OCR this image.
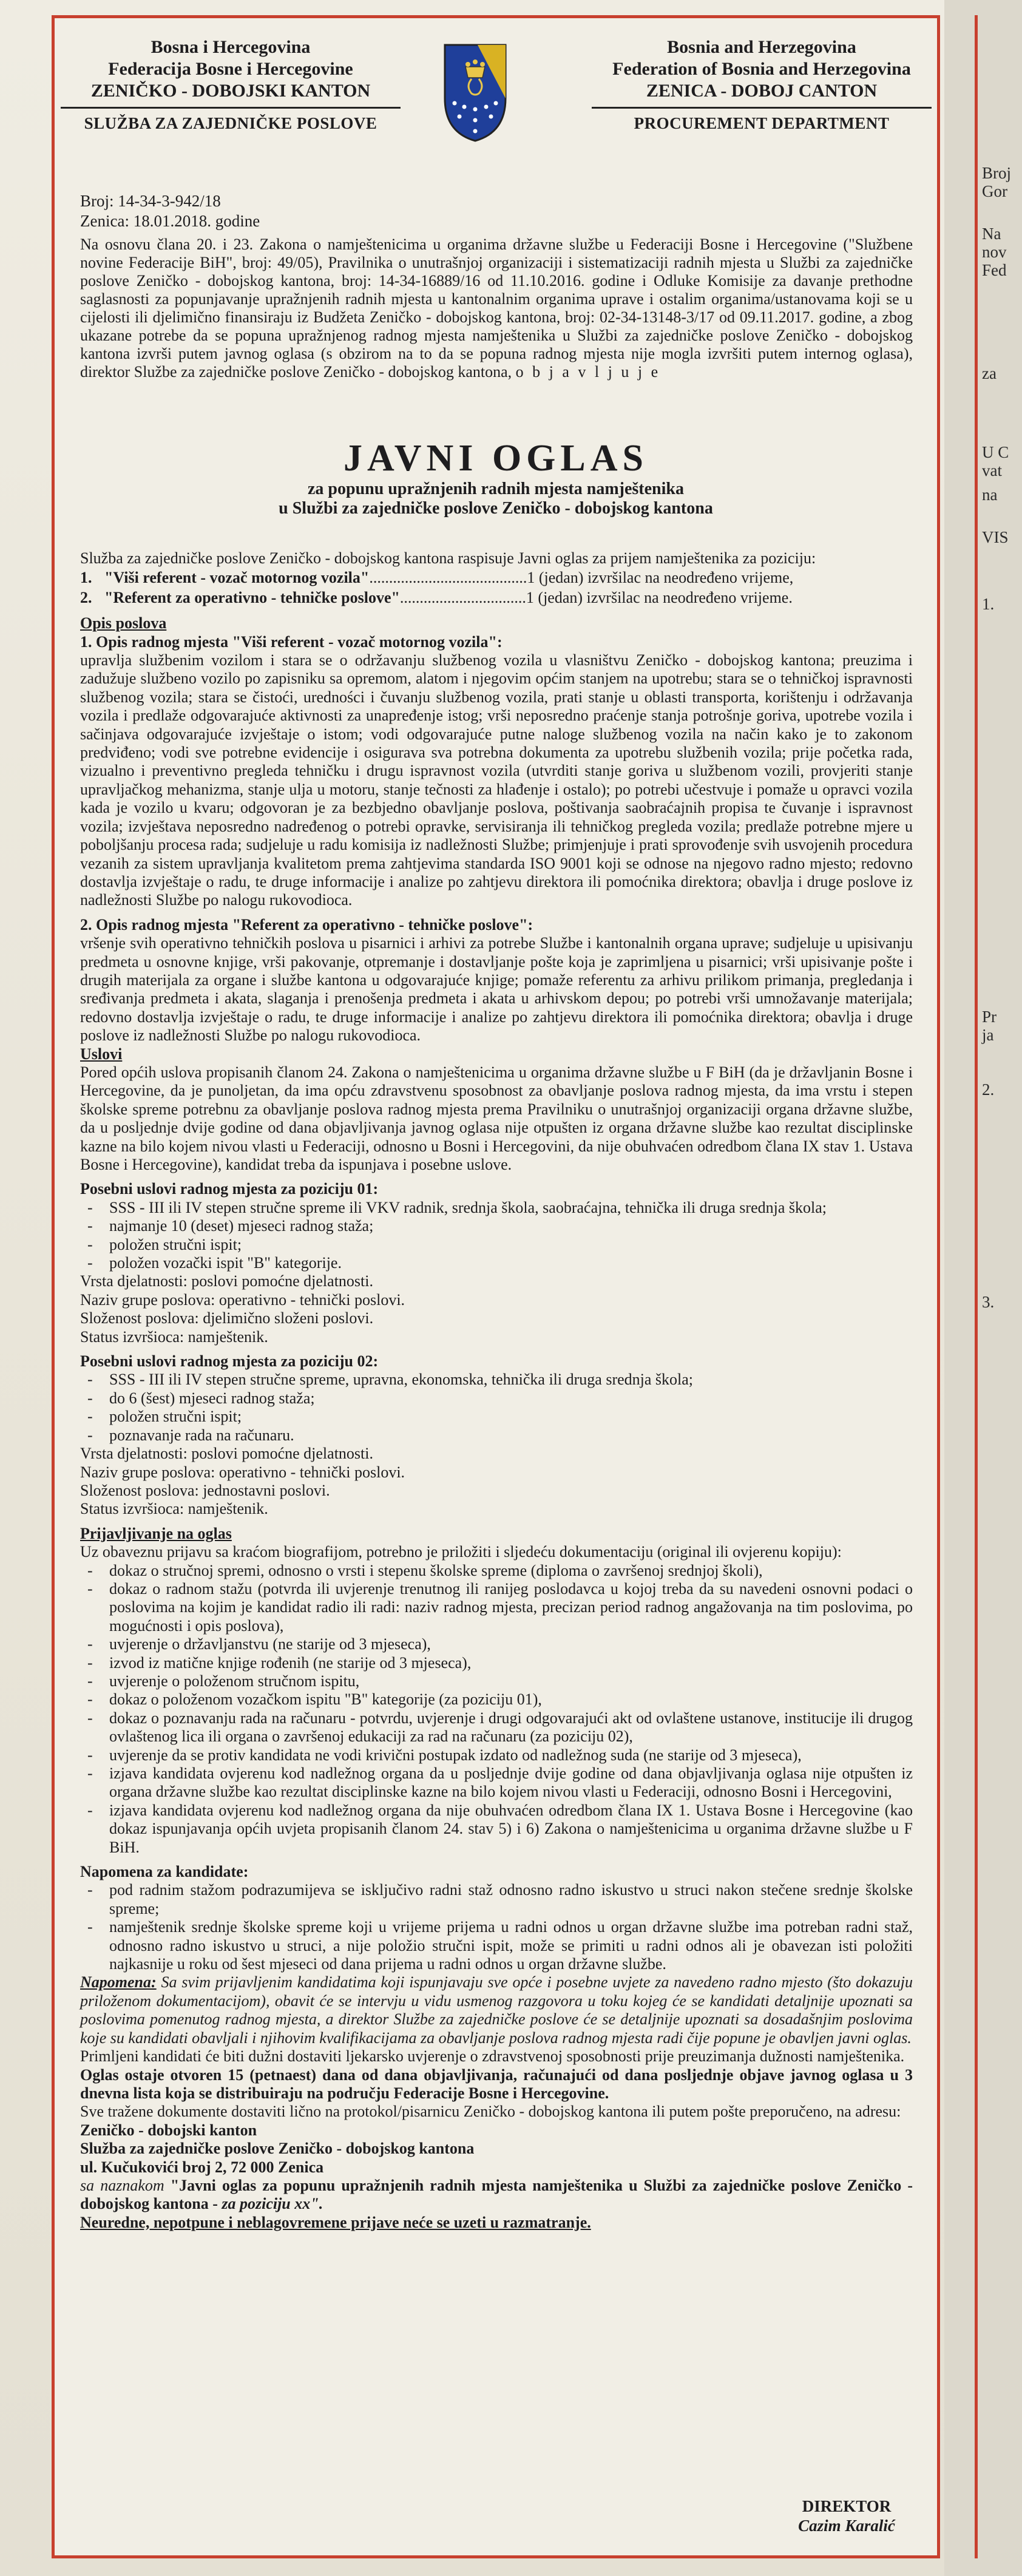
Bosna i Hercegovina
Federacija Bosne i Hercegovine
ZENIČKO - DOBOJSKI KANTON
SLUŽBA ZA ZAJEDNIČKE POSLOVE
Bosnia and Herzegovina
Federation of Bosnia and Herzegovina
ZENICA - DOBOJ CANTON
PROCUREMENT DEPARTMENT
Broj: 14-34-3-942/18
Zenica: 18.01.2018. godine
Na osnovu člana 20. i 23. Zakona o namještenicima u organima državne službe u Federaciji Bosne i Hercegovine ("Službene novine Federacije BiH", broj: 49/05), Pravilnika o unutrašnjoj organizaciji i sistematizaciji radnih mjesta u Službi za zajedničke poslove Zeničko - dobojskog kantona, broj: 14-34-16889/16 od 11.10.2016. godine i Odluke Komisije za davanje prethodne saglasnosti za popunjavanje upražnjenih radnih mjesta u kantonalnim organima uprave i ostalim organima/ustanovama koji se u cijelosti ili djelimično finansiraju iz Budžeta Zeničko - dobojskog kantona, broj: 02-34-13148-3/17 od 09.11.2017. godine, a zbog ukazane potrebe da se popuna upražnjenog radnog mjesta namještenika u Službi za zajedničke poslove Zeničko - dobojskog kantona izvrši putem javnog oglasa (s obzirom na to da se popuna radnog mjesta nije mogla izvršiti putem internog oglasa), direktor Službe za zajedničke poslove Zeničko - dobojskog kantona, o b j a v l j u j e
JAVNI OGLAS
za popunu upražnjenih radnih mjesta namještenika
u Službi za zajedničke poslove Zeničko - dobojskog kantona

Služba za zajedničke poslove Zeničko - dobojskog kantona raspisuje Javni oglas za prijem namještenika za poziciju:

1. "Viši referent - vozač motornog vozila"........................................1 (jedan) izvršilac na neodređeno vrijeme,
2. "Referent za operativno - tehničke poslove"................................1 (jedan) izvršilac na neodređeno vrijeme.

Opis poslova

1. Opis radnog mjesta "Viši referent - vozač motornog vozila":

upravlja službenim vozilom i stara se o održavanju službenog vozila u vlasništvu Zeničko - dobojskog kantona; preuzima i zadužuje službeno vozilo po zapisniku sa opremom, alatom i njegovim općim stanjem na upotrebu; stara se o tehničkoj ispravnosti službenog vozila; stara se čistoći, uredności i čuvanju službenog vozila, prati stanje u oblasti transporta, korištenju i održavanja vozila i predlaže odgovarajuće aktivnosti za unapređenje istog; vrši neposredno praćenje stanja potrošnje goriva, upotrebe vozila i sačinjava odgovarajuće izvještaje o istom; vodi odgovarajuće putne naloge službenog vozila na način kako je to zakonom predviđeno; vodi sve potrebne evidencije i osigurava sva potrebna dokumenta za upotrebu službenih vozila; prije početka rada, vizualno i preventivno pregleda tehničku i drugu ispravnost vozila (utvrditi stanje goriva u službenom vozili, provjeriti stanje upravljačkog mehanizma, stanje ulja u motoru, stanje tečnosti za hlađenje i ostalo); po potrebi učestvuje i pomaže u opravci vozila kada je vozilo u kvaru; odgovoran je za bezbjedno obavljanje poslova, poštivanja saobraćajnih propisa te čuvanje i ispravnost vozila; izvještava neposredno nadređenog o potrebi opravke, servisiranja ili tehničkog pregleda vozila; predlaže potrebne mjere u poboljšanju procesa rada; sudjeluje u radu komisija iz nadležnosti Službe; primjenjuje i prati sprovođenje svih usvojenih procedura vezanih za sistem upravljanja kvalitetom prema zahtjevima standarda ISO 9001 koji se odnose na njegovo radno mjesto; redovno dostavlja izvještaje o radu, te druge informacije i analize po zahtjevu direktora ili pomoćnika direktora; obavlja i druge poslove iz nadležnosti Službe po nalogu rukovodioca.

2. Opis radnog mjesta "Referent za operativno - tehničke poslove":

vršenje svih operativno tehničkih poslova u pisarnici i arhivi za potrebe Službe i kantonalnih organa uprave; sudjeluje u upisivanju predmeta u osnovne knjige, vrši pakovanje, otpremanje i dostavljanje pošte koja je zaprimljena u pisarnici; vrši upisivanje pošte i drugih materijala za organe i službe kantona u odgovarajuće knjige; pomaže referentu za arhivu prilikom primanja, pregledanja i sređivanja predmeta i akata, slaganja i prenošenja predmeta i akata u arhivskom depou; po potrebi vrši umnožavanje materijala; redovno dostavlja izvještaje o radu, te druge informacije i analize po zahtjevu direktora ili pomoćnika direktora; obavlja i druge poslove iz nadležnosti Službe po nalogu rukovodioca.

Uslovi

Pored općih uslova propisanih članom 24. Zakona o namještenicima u organima državne službe u F BiH (da je državljanin Bosne i Hercegovine, da je punoljetan, da ima opću zdravstvenu sposobnost za obavljanje poslova radnog mjesta, da ima vrstu i stepen školske spreme potrebnu za obavljanje poslova radnog mjesta prema Pravilniku o unutrašnjoj organizaciji organa državne službe, da u posljednje dvije godine od dana objavljivanja javnog oglasa nije otpušten iz organa državne službe kao rezultat disciplinske kazne na bilo kojem nivou vlasti u Federaciji, odnosno u Bosni i Hercegovini, da nije obuhvaćen odredbom člana IX stav 1. Ustava Bosne i Hercegovine), kandidat treba da ispunjava i posebne uslove.

Posebni uslovi radnog mjesta za poziciju 01:

- SSS - III ili IV stepen stručne spreme ili VKV radnik, srednja škola, saobraćajna, tehnička ili druga srednja škola;
- najmanje 10 (deset) mjeseci radnog staža;
- položen stručni ispit;
- položen vozački ispit "B" kategorije.

Vrsta djelatnosti: poslovi pomoćne djelatnosti.

Naziv grupe poslova: operativno - tehnički poslovi.

Složenost poslova: djelimično složeni poslovi.

Status izvršioca: namještenik.

Posebni uslovi radnog mjesta za poziciju 02:

- SSS - III ili IV stepen stručne spreme, upravna, ekonomska, tehnička ili druga srednja škola;
- do 6 (šest) mjeseci radnog staža;
- položen stručni ispit;
- poznavanje rada na računaru.

Vrsta djelatnosti: poslovi pomoćne djelatnosti.

Naziv grupe poslova: operativno - tehnički poslovi.

Složenost poslova: jednostavni poslovi.

Status izvršioca: namještenik.

Prijavljivanje na oglas

Uz obaveznu prijavu sa kraćom biografijom, potrebno je priložiti i sljedeću dokumentaciju (original ili ovjerenu kopiju):

- dokaz o stručnoj spremi, odnosno o vrsti i stepenu školske spreme (diploma o završenoj srednjoj školi),
- dokaz o radnom stažu (potvrda ili uvjerenje trenutnog ili ranijeg poslodavca u kojoj treba da su navedeni osnovni podaci o poslovima na kojim je kandidat radio ili radi: naziv radnog mjesta, precizan period radnog angažovanja na tim poslovima, po mogućnosti i opis poslova),
- uvjerenje o državljanstvu (ne starije od 3 mjeseca),
- izvod iz matične knjige rođenih (ne starije od 3 mjeseca),
- uvjerenje o položenom stručnom ispitu,
- dokaz o položenom vozačkom ispitu "B" kategorije (za poziciju 01),
- dokaz o poznavanju rada na računaru - potvrdu, uvjerenje i drugi odgovarajući akt od ovlaštene ustanove, institucije ili drugog ovlaštenog lica ili organa o završenoj edukaciji za rad na računaru (za poziciju 02),
- uvjerenje da se protiv kandidata ne vodi krivični postupak izdato od nadležnog suda (ne starije od 3 mjeseca),
- izjava kandidata ovjerenu kod nadležnog organa da u posljednje dvije godine od dana objavljivanja oglasa nije otpušten iz organa državne službe kao rezultat disciplinske kazne na bilo kojem nivou vlasti u Federaciji, odnosno Bosni i Hercegovini,
- izjava kandidata ovjerenu kod nadležnog organa da nije obuhvaćen odredbom člana IX 1. Ustava Bosne i Hercegovine (kao dokaz ispunjavanja općih uvjeta propisanih članom 24. stav 5) i 6) Zakona o namještenicima u organima državne službe u F BiH.

Napomena za kandidate:

- pod radnim stažom podrazumijeva se isključivo radni staž odnosno radno iskustvo u struci nakon stečene srednje školske spreme;
- namještenik srednje školske spreme koji u vrijeme prijema u radni odnos u organ državne službe ima potreban radni staž, odnosno radno iskustvo u struci, a nije položio stručni ispit, može se primiti u radni odnos ali je obavezan isti položiti najkasnije u roku od šest mjeseci od dana prijema u radni odnos u organ državne službe.

Napomena: Sa svim prijavljenim kandidatima koji ispunjavaju sve opće i posebne uvjete za navedeno radno mjesto (što dokazuju priloženom dokumentacijom), obavit će se intervju u vidu usmenog razgovora u toku kojeg će se kandidati detaljnije upoznati sa poslovima pomenutog radnog mjesta, a direktor Službe za zajedničke poslove će se detaljnije upoznati sa dosadašnjim poslovima koje su kandidati obavljali i njihovim kvalifikacijama za obavljanje poslova radnog mjesta radi čije popune je obavljen javni oglas.

Primljeni kandidati će biti dužni dostaviti ljekarsko uvjerenje o zdravstvenoj sposobnosti prije preuzimanja dužnosti namještenika.

Oglas ostaje otvoren 15 (petnaest) dana od dana objavljivanja, računajući od dana posljednje objave javnog oglasa u 3 dnevna lista koja se distribuiraju na području Federacije Bosne i Hercegovine.

Sve tražene dokumente dostaviti lično na protokol/pisarnicu Zeničko - dobojskog kantona ili putem pošte preporučeno, na adresu:

Zeničko - dobojski kanton

Služba za zajedničke poslove Zeničko - dobojskog kantona

ul. Kučukovići broj 2, 72 000 Zenica

sa naznakom "Javni oglas za popunu upražnjenih radnih mjesta namještenika u Službi za zajedničke poslove Zeničko - dobojskog kantona - za poziciju xx".

Neuredne, nepotpune i neblagovremene prijave neće se uzeti u razmatranje.

DIREKTOR
Cazim Karalić
Broj
Gor
Na
nov
Fed
za
U C
vat
na
VIS
1.
Pr
ja
2.
3.
